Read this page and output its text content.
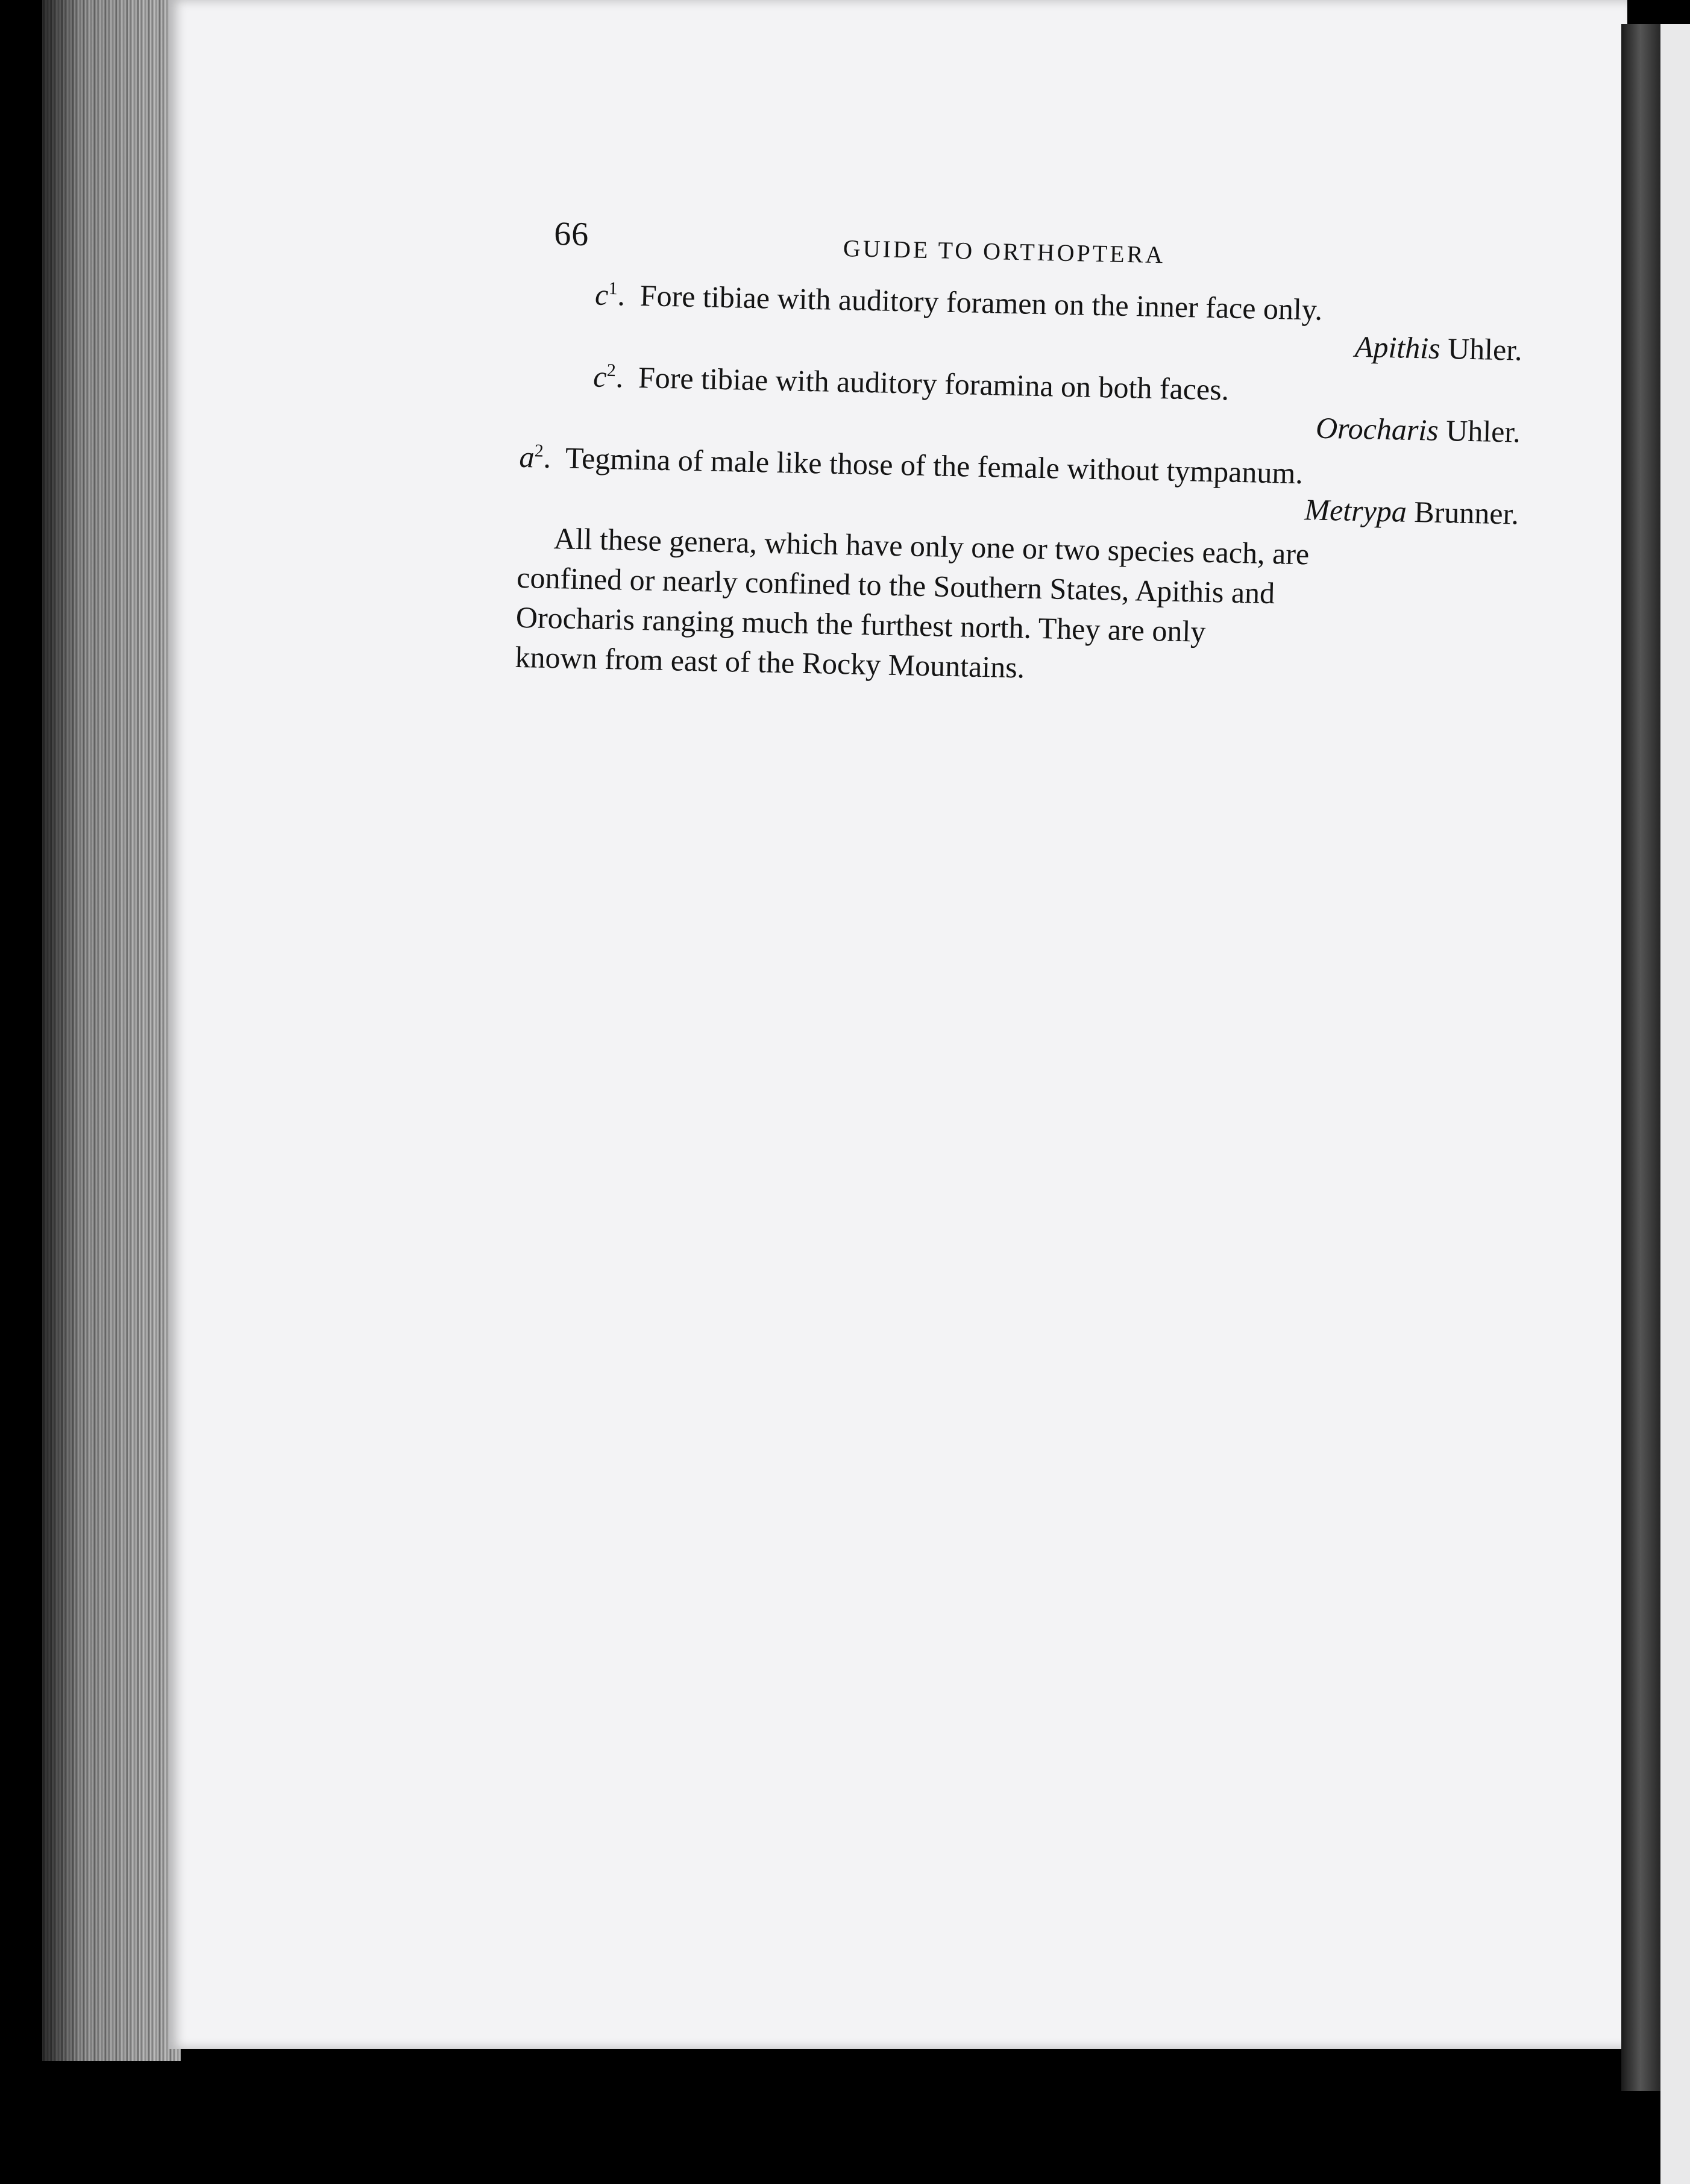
66	GUIDE TO ORTHOPTERA

$c^1$.  Fore tibiae with auditory foramen on the inner face only.

Apithis Uhler.

$c^2$.  Fore tibiae with auditory foramina on both faces.

Orocharis Uhler.

$a^2$.  Tegmina of male like those of the female without tympanum.

Metrypa Brunner.
All these genera, which have only one or two species each, are
confined or nearly confined to the Southern States, Apithis and
Orocharis ranging much the furthest north. They are only
known from east of the Rocky Mountains.
